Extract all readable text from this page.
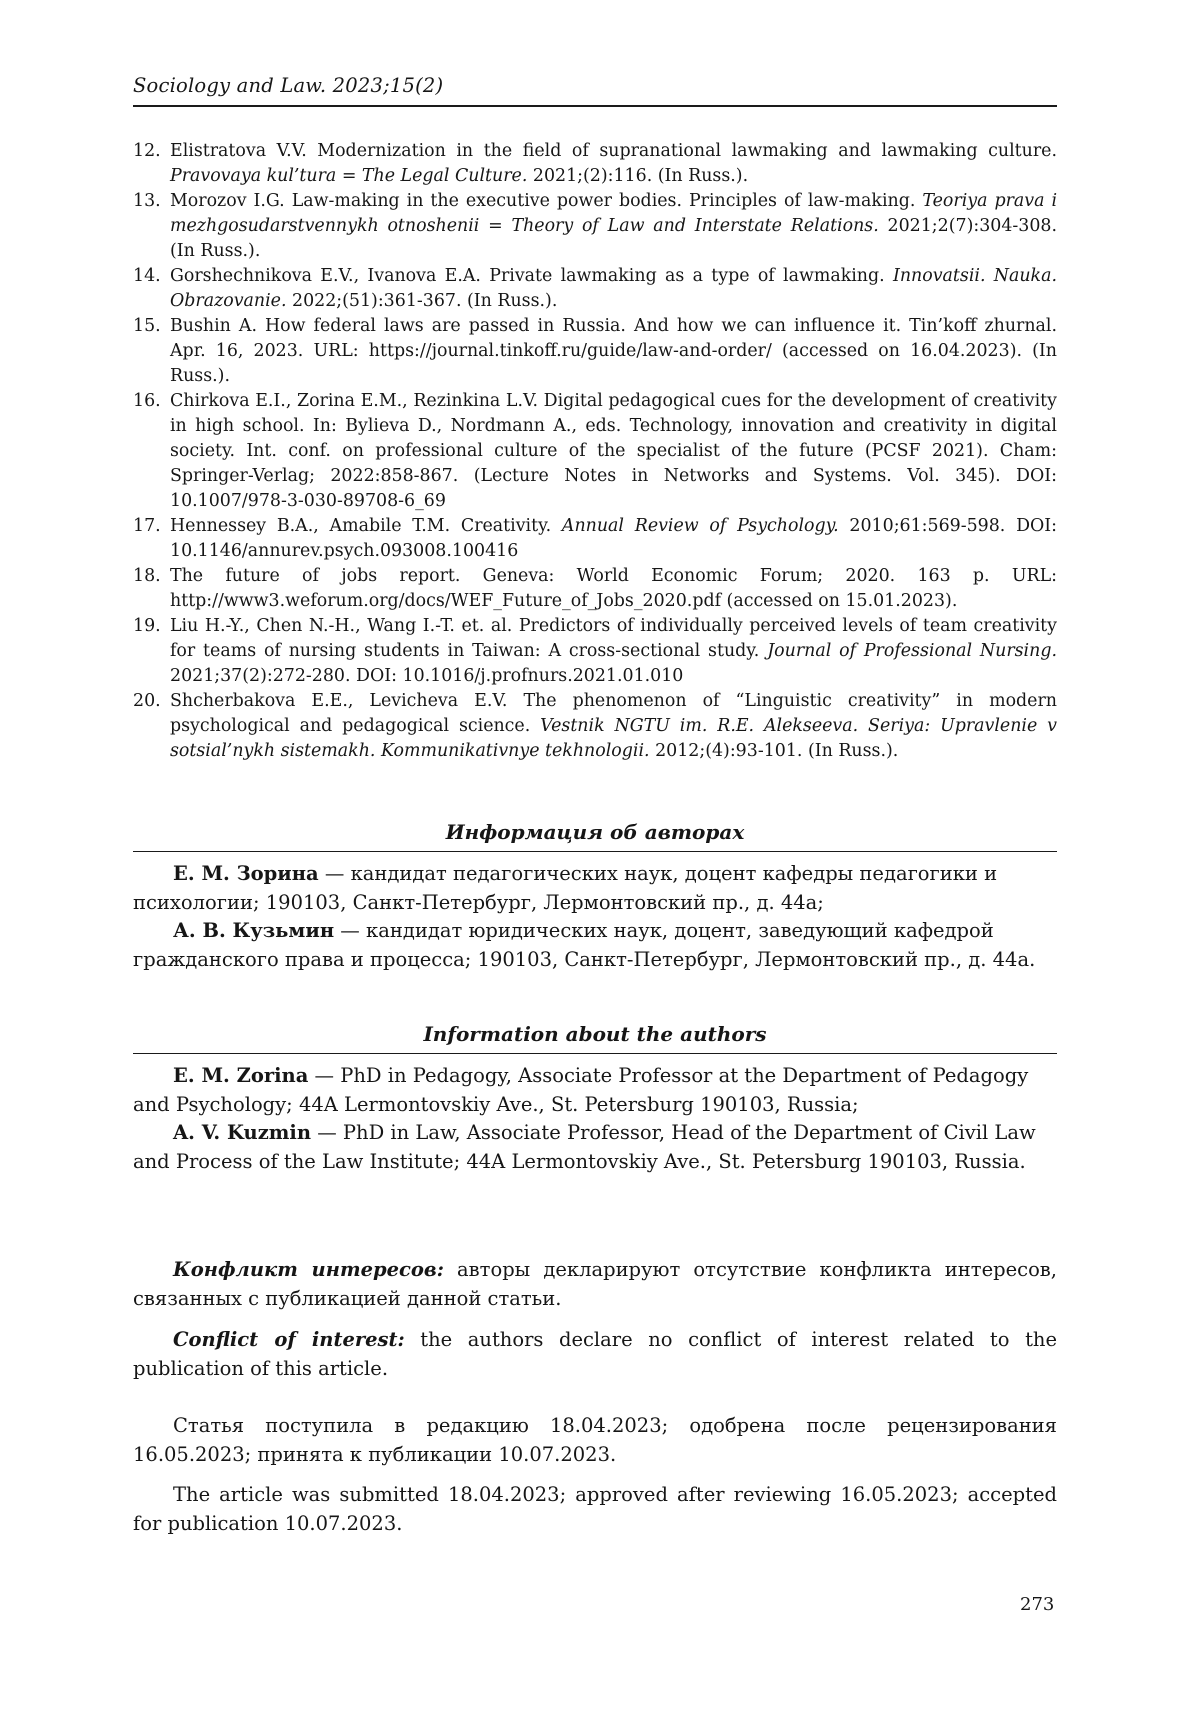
Sociology and Law. 2023;15(2)
12. Elistratova V.V. Modernization in the field of supranational lawmaking and lawmaking culture. Pravovaya kul’tura = The Legal Culture. 2021;(2):116. (In Russ.).
13. Morozov I.G. Law-making in the executive power bodies. Principles of law-making. Teoriya prava i mezhgosudarstvennykh otnoshenii = Theory of Law and Interstate Relations. 2021;2(7):304-308. (In Russ.).
14. Gorshechnikova E.V., Ivanova E.A. Private lawmaking as a type of lawmaking. Innovatsii. Nauka. Obrazovanie. 2022;(51):361-367. (In Russ.).
15. Bushin A. How federal laws are passed in Russia. And how we can influence it. Tin’koff zhurnal. Apr. 16, 2023. URL: https://journal.tinkoff.ru/guide/law-and-order/ (accessed on 16.04.2023). (In Russ.).
16. Chirkova E.I., Zorina E.M., Rezinkina L.V. Digital pedagogical cues for the development of creativity in high school. In: Bylieva D., Nordmann A., eds. Technology, innovation and creativity in digital society. Int. conf. on professional culture of the specialist of the future (PCSF 2021). Cham: Springer-Verlag; 2022:858-867. (Lecture Notes in Networks and Systems. Vol. 345). DOI: 10.1007/978-3-030-89708-6_69
17. Hennessey B.A., Amabile T.M. Creativity. Annual Review of Psychology. 2010;61:569-598. DOI: 10.1146/annurev.psych.093008.100416
18. The future of jobs report. Geneva: World Economic Forum; 2020. 163 p. URL: http://www3.weforum.org/docs/WEF_Future_of_Jobs_2020.pdf (accessed on 15.01.2023).
19. Liu H.-Y., Chen N.-H., Wang I.-T. et. al. Predictors of individually perceived levels of team creativity for teams of nursing students in Taiwan: A cross-sectional study. Journal of Professional Nursing. 2021;37(2):272-280. DOI: 10.1016/j.profnurs.2021.01.010
20. Shcherbakova E.E., Levicheva E.V. The phenomenon of “Linguistic creativity” in modern psychological and pedagogical science. Vestnik NGTU im. R.E. Alekseeva. Seriya: Upravlenie v sotsial’nykh sistemakh. Kommunikativnye tekhnologii. 2012;(4):93-101. (In Russ.).
Информация об авторах

Е. М. Зорина — кандидат педагогических наук, доцент кафедры педагогики и психологии; 190103, Санкт-Петербург, Лермонтовский пр., д. 44а;

А. В. Кузьмин — кандидат юридических наук, доцент, заведующий кафедрой гражданского права и процесса; 190103, Санкт-Петербург, Лермонтовский пр., д. 44а.

Information about the authors

E. M. Zorina — PhD in Pedagogy, Associate Professor at the Department of Pedagogy and Psychology; 44A Lermontovskiy Ave., St. Petersburg 190103, Russia;

A. V. Kuzmin — PhD in Law, Associate Professor, Head of the Department of Civil Law and Process of the Law Institute; 44A Lermontovskiy Ave., St. Petersburg 190103, Russia.

Конфликт интересов: авторы декларируют отсутствие конфликта интересов, связанных с публикацией данной статьи.

Conflict of interest: the authors declare no conflict of interest related to the publication of this article.

Статья поступила в редакцию 18.04.2023; одобрена после рецензирования 16.05.2023; принята к публикации 10.07.2023.

The article was submitted 18.04.2023; approved after reviewing 16.05.2023; accepted for publication 10.07.2023.

273
